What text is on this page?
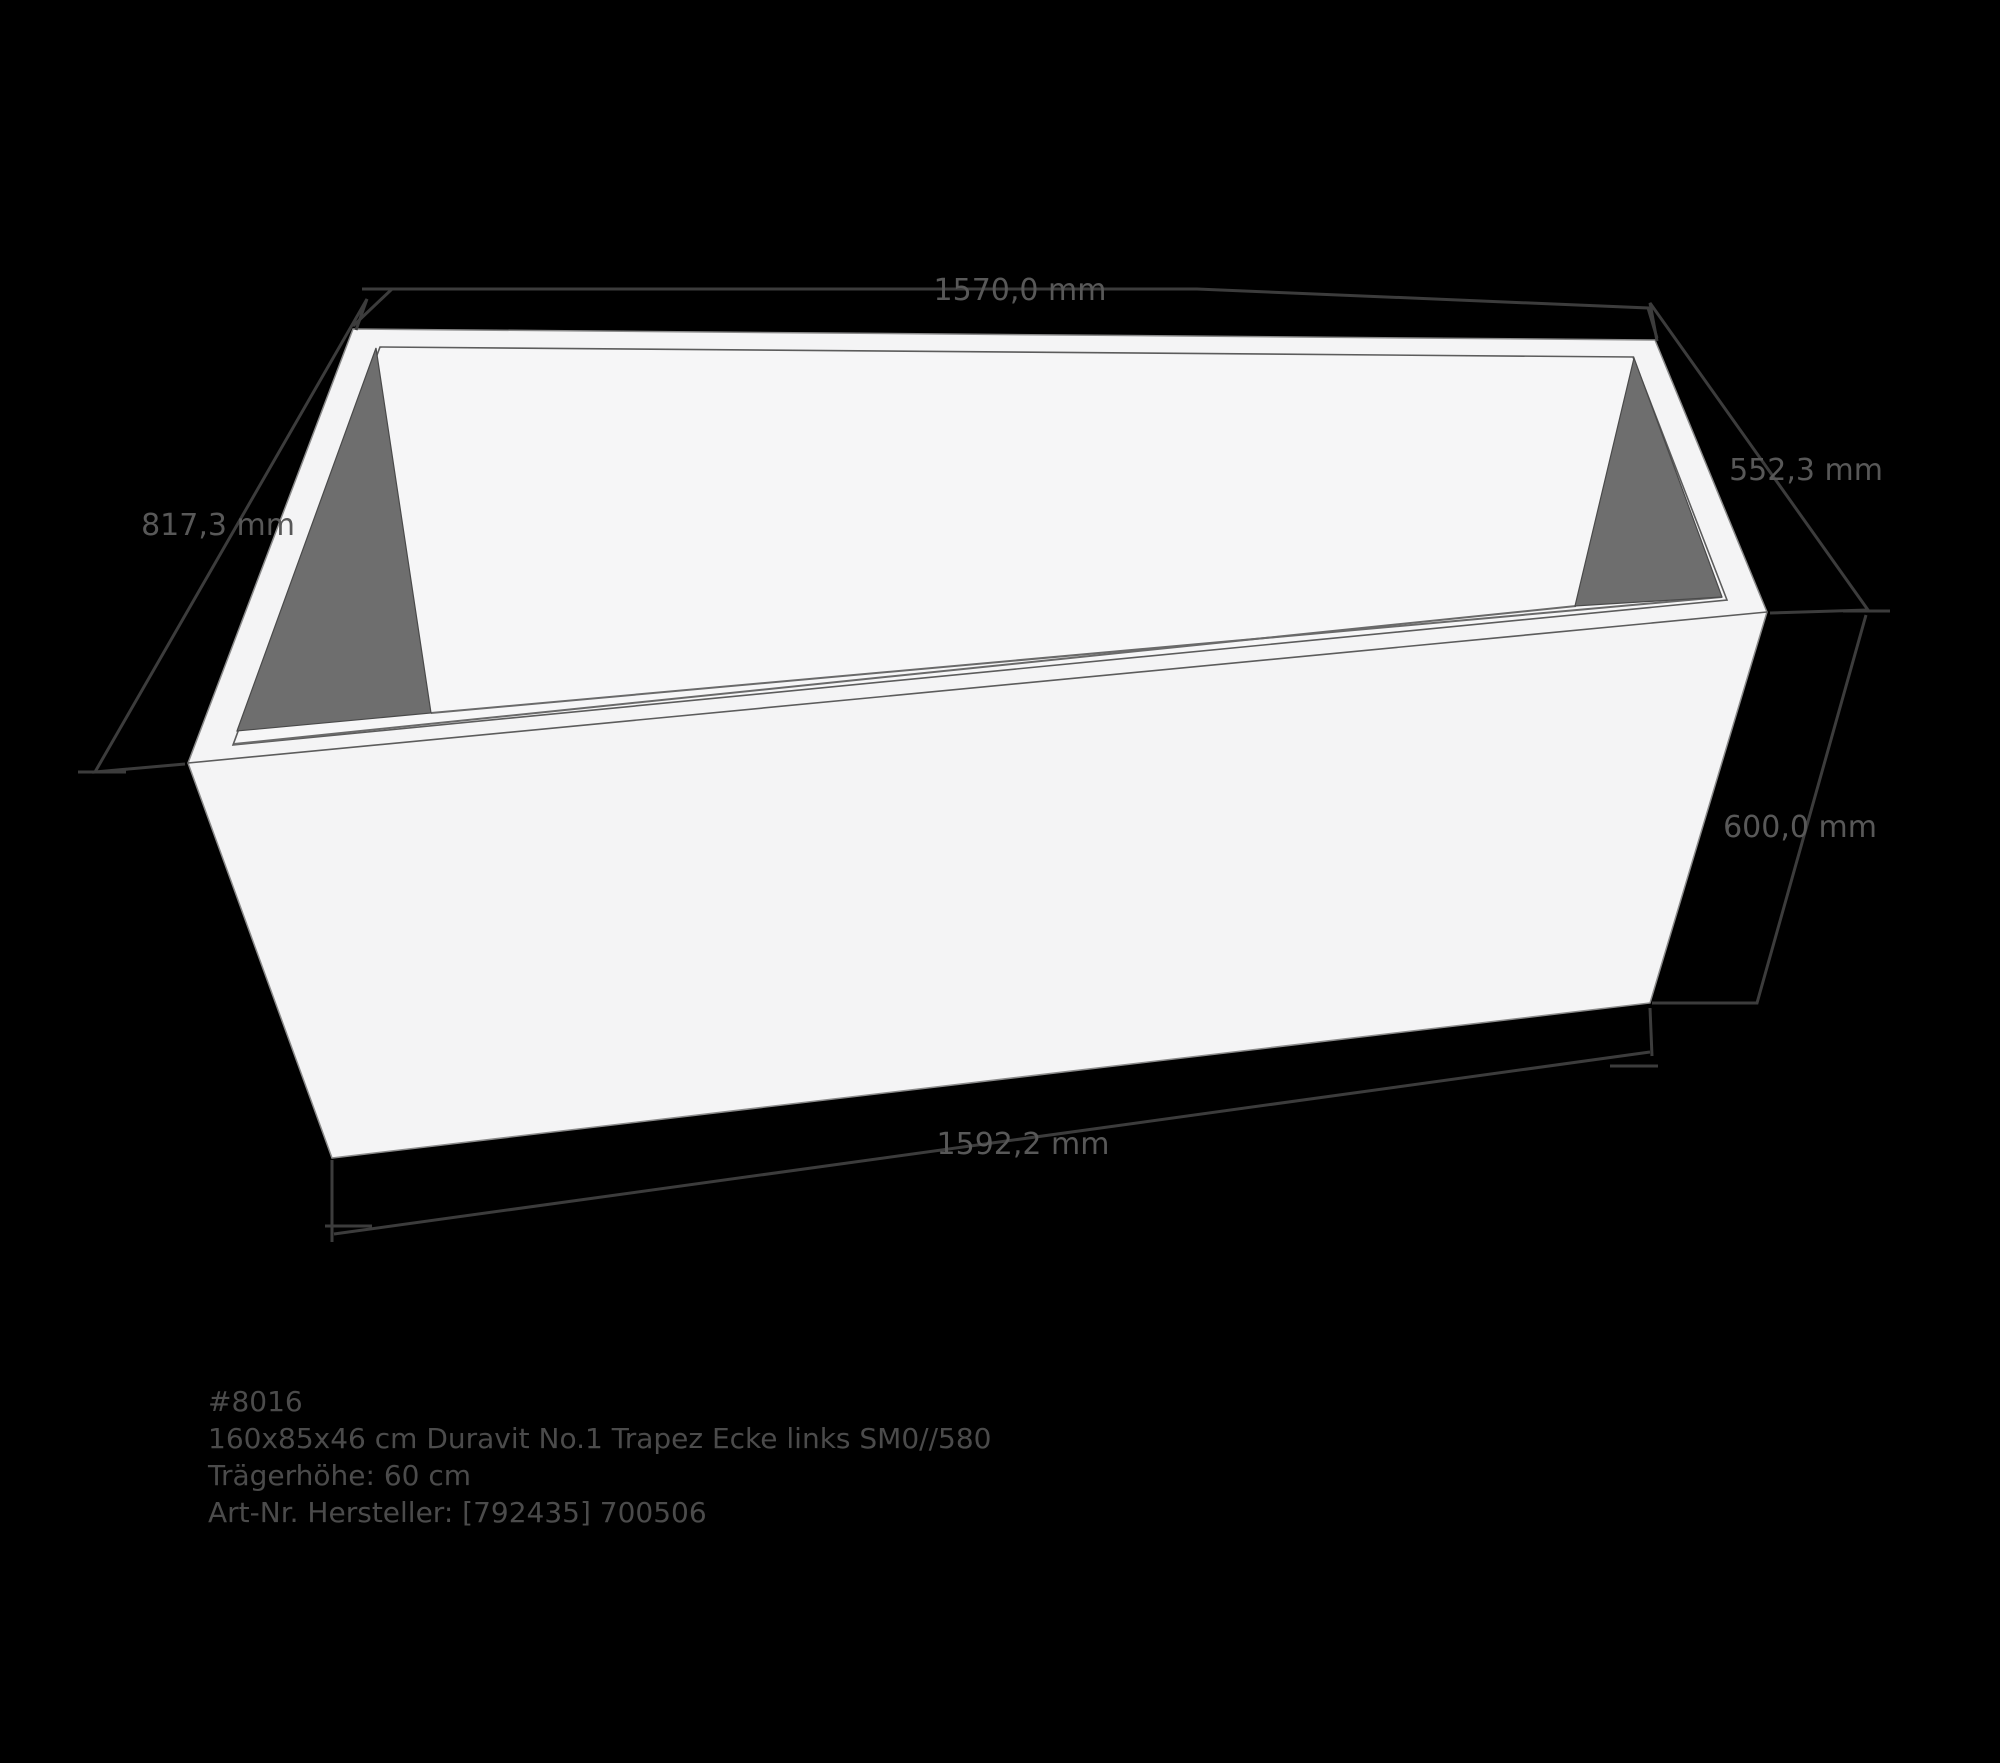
1570,0 mm
817,3 mm
552,3 mm
600,0 mm
1592,2 mm
#8016
160x85x46 cm Duravit No.1 Trapez Ecke links SM0//580
Trägerhöhe: 60 cm
Art-Nr. Hersteller: [792435] 700506
